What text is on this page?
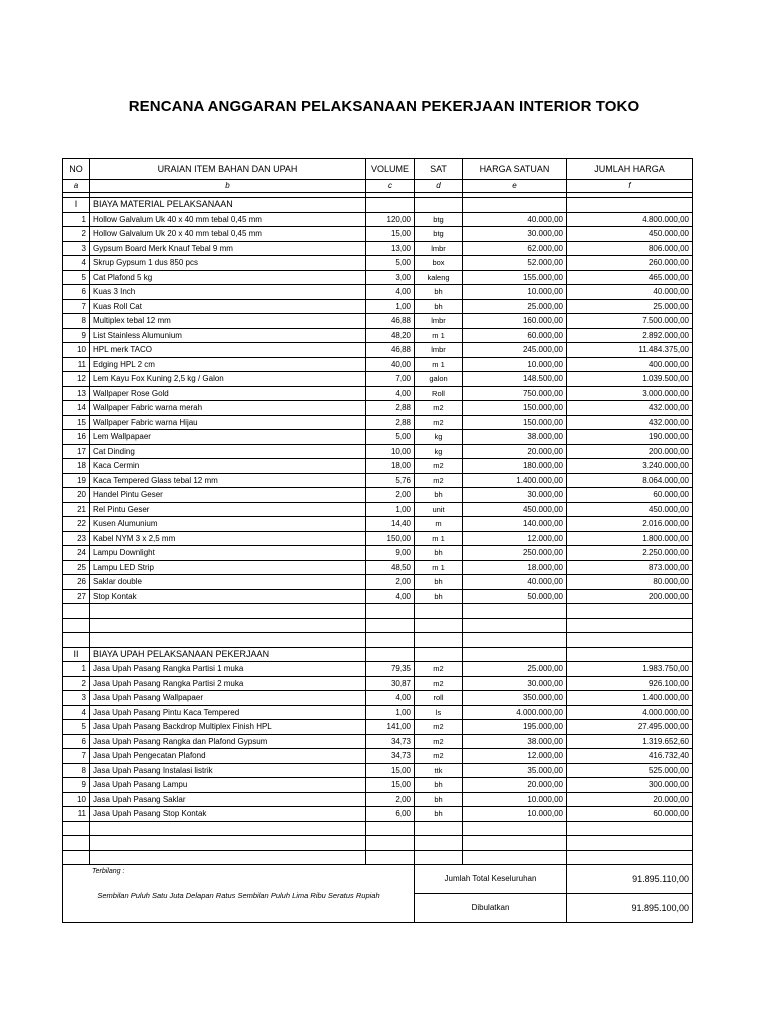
RENCANA ANGGARAN PELAKSANAAN PEKERJAAN INTERIOR TOKO
NO	URAIAN ITEM BAHAN DAN UPAH	VOLUME	SAT	HARGA SATUAN	JUMLAH HARGA
a	b	c	d	e	f

I	BIAYA MATERIAL PELAKSANAAN				
1	Hollow Galvalum Uk 40 x 40 mm tebal 0,45 mm	120,00	btg	40.000,00	4.800.000,00
2	Hollow Galvalum Uk 20 x 40 mm tebal 0,45 mm	15,00	btg	30.000,00	450.000,00
3	Gypsum Board Merk Knauf Tebal 9 mm	13,00	lmbr	62.000,00	806.000,00
4	Skrup Gypsum 1 dus 850 pcs	5,00	box	52.000,00	260.000,00
5	Cat Plafond 5 kg	3,00	kaleng	155.000,00	465.000,00
6	Kuas 3 Inch	4,00	bh	10.000,00	40.000,00
7	Kuas Roll Cat	1,00	bh	25.000,00	25.000,00
8	Multiplex tebal 12 mm	46,88	lmbr	160.000,00	7.500.000,00
9	List Stainless Alumunium	48,20	m 1	60.000,00	2.892.000,00
10	HPL merk TACO	46,88	lmbr	245.000,00	11.484.375,00
11	Edging HPL 2 cm	40,00	m 1	10.000,00	400.000,00
12	Lem Kayu Fox Kuning 2,5 kg / Galon	7,00	galon	148.500,00	1.039.500,00
13	Wallpaper Rose Gold	4,00	Roll	750.000,00	3.000.000,00
14	Wallpaper Fabric warna merah	2,88	m2	150.000,00	432.000,00
15	Wallpaper Fabric warna Hijau	2,88	m2	150.000,00	432.000,00
16	Lem Wallpapaer	5,00	kg	38.000,00	190.000,00
17	Cat Dinding	10,00	kg	20.000,00	200.000,00
18	Kaca Cermin	18,00	m2	180.000,00	3.240.000,00
19	Kaca Tempered Glass tebal 12 mm	5,76	m2	1.400.000,00	8.064.000,00
20	Handel Pintu Geser	2,00	bh	30.000,00	60.000,00
21	Rel Pintu Geser	1,00	unit	450.000,00	450.000,00
22	Kusen Alumunium	14,40	m	140.000,00	2.016.000,00
23	Kabel NYM 3 x 2,5 mm	150,00	m 1	12.000,00	1.800.000,00
24	Lampu Downlight	9,00	bh	250.000,00	2.250.000,00
25	Lampu LED Strip	48,50	m 1	18.000,00	873.000,00
26	Saklar double	2,00	bh	40.000,00	80.000,00
27	Stop Kontak	4,00	bh	50.000,00	200.000,00

II	BIAYA UPAH PELAKSANAAN PEKERJAAN				
1	Jasa Upah Pasang Rangka Partisi 1 muka	79,35	m2	25.000,00	1.983.750,00
2	Jasa Upah Pasang Rangka Partisi 2 muka	30,87	m2	30.000,00	926.100,00
3	Jasa Upah Pasang Wallpapaer	4,00	roll	350.000,00	1.400.000,00
4	Jasa Upah Pasang Pintu Kaca Tempered	1,00	ls	4.000.000,00	4.000.000,00
5	Jasa Upah Pasang Backdrop Multiplex Finish HPL	141,00	m2	195.000,00	27.495.000,00
6	Jasa Upah Pasang Rangka dan Plafond Gypsum	34,73	m2	38.000,00	1.319.652,60
7	Jasa Upah Pengecatan Plafond	34,73	m2	12.000,00	416.732,40
8	Jasa Upah Pasang Instalasi listrik	15,00	ttk	35.000,00	525.000,00
9	Jasa Upah Pasang Lampu	15,00	bh	20.000,00	300.000,00
10	Jasa Upah Pasang Saklar	2,00	bh	10.000,00	20.000,00
11	Jasa Upah Pasang Stop Kontak	6,00	bh	10.000,00	60.000,00

Terbilang :
Sembilan Puluh Satu Juta Delapan Ratus Sembilan Puluh Lima Ribu Seratus Rupiah			Jumlah Total Keseluruhan		91.895.110,00
			Dibulatkan		91.895.100,00
